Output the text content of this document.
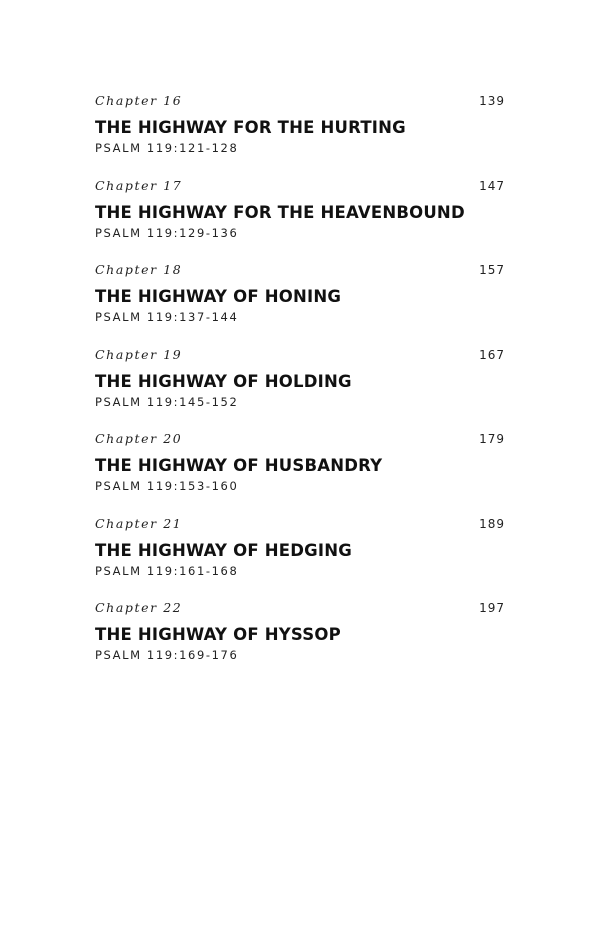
Chapter 16	139
THE HIGHWAY FOR THE HURTING
PSALM 119:121-128
Chapter 17	147
THE HIGHWAY FOR THE HEAVENBOUND
PSALM 119:129-136
Chapter 18	157
THE HIGHWAY OF HONING
PSALM 119:137-144
Chapter 19	167
THE HIGHWAY OF HOLDING
PSALM 119:145-152
Chapter 20	179
THE HIGHWAY OF HUSBANDRY
PSALM 119:153-160
Chapter 21	189
THE HIGHWAY OF HEDGING
PSALM 119:161-168
Chapter 22	197
THE HIGHWAY OF HYSSOP
PSALM 119:169-176
